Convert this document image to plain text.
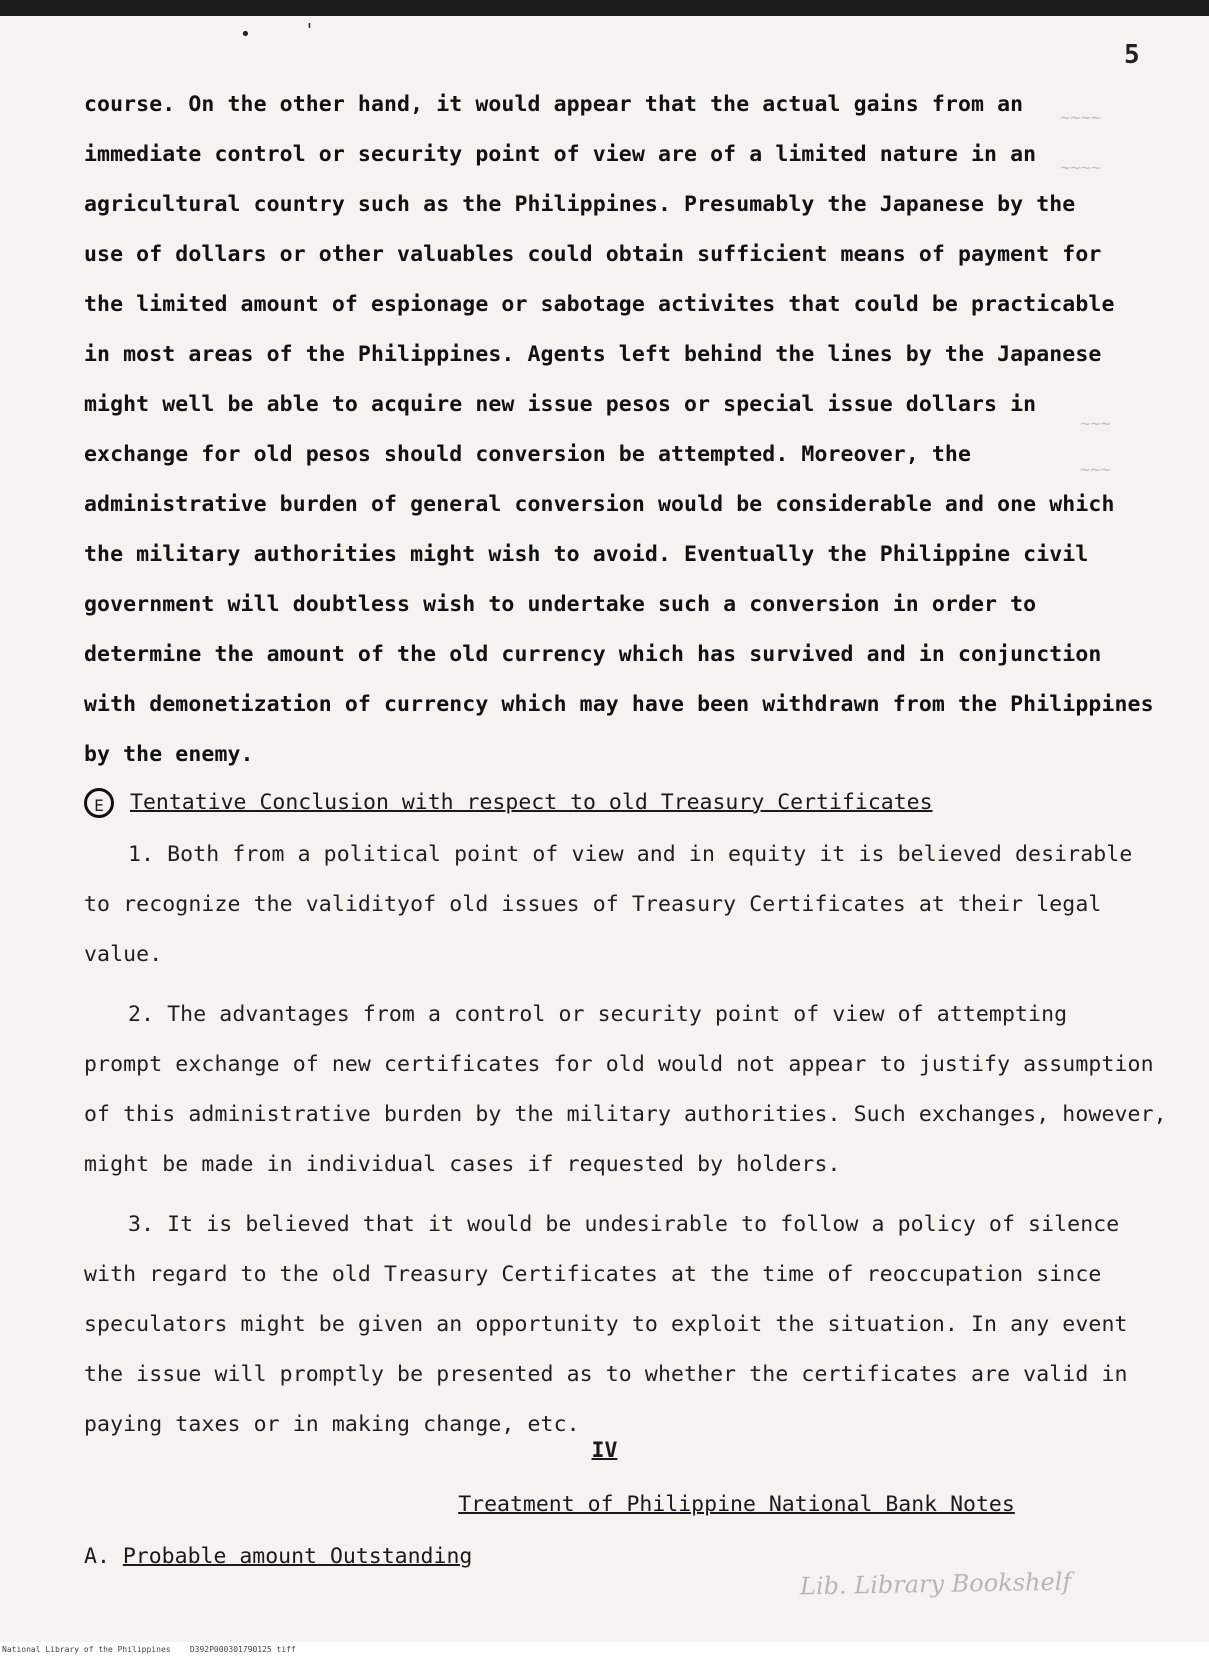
•	'
5
~~~~
~~~~
~~~
~~~
course. On the other hand, it would appear that the actual gains from an
immediate control or security point of view are of a limited nature in an
agricultural country such as the Philippines. Presumably the Japanese by the
use of dollars or other valuables could obtain sufficient means of payment for
the limited amount of espionage or sabotage activites that could be practicable
in most areas of the Philippines. Agents left behind the lines by the Japanese
might well be able to acquire new issue pesos or special issue dollars in
exchange for old pesos should conversion be attempted. Moreover, the
administrative burden of general conversion would be considerable and one which
the military authorities might wish to avoid. Eventually the Philippine civil
government will doubtless wish to undertake such a conversion in order to
determine the amount of the old currency which has survived and in conjunction
with demonetization of currency which may have been withdrawn from the Philippines
by the enemy.
E Tentative Conclusion with respect to old Treasury Certificates
1. Both from a political point of view and in equity it is believed desirable
to recognize the validityof old issues of Treasury Certificates at their legal
value.
2. The advantages from a control or security point of view of attempting
prompt exchange of new certificates for old would not appear to justify assumption
of this administrative burden by the military authorities. Such exchanges, however,
might be made in individual cases if requested by holders.
3. It is believed that it would be undesirable to follow a policy of silence
with regard to the old Treasury Certificates at the time of reoccupation since
speculators might be given an opportunity to exploit the situation. In any event
the issue will promptly be presented as to whether the certificates are valid in
paying taxes or in making change, etc.
IV
Treatment of Philippine National Bank Notes
A. Probable amount Outstanding
Lib. Library Bookshelf
National Library of the Philippines D392P000301790125 tiff
